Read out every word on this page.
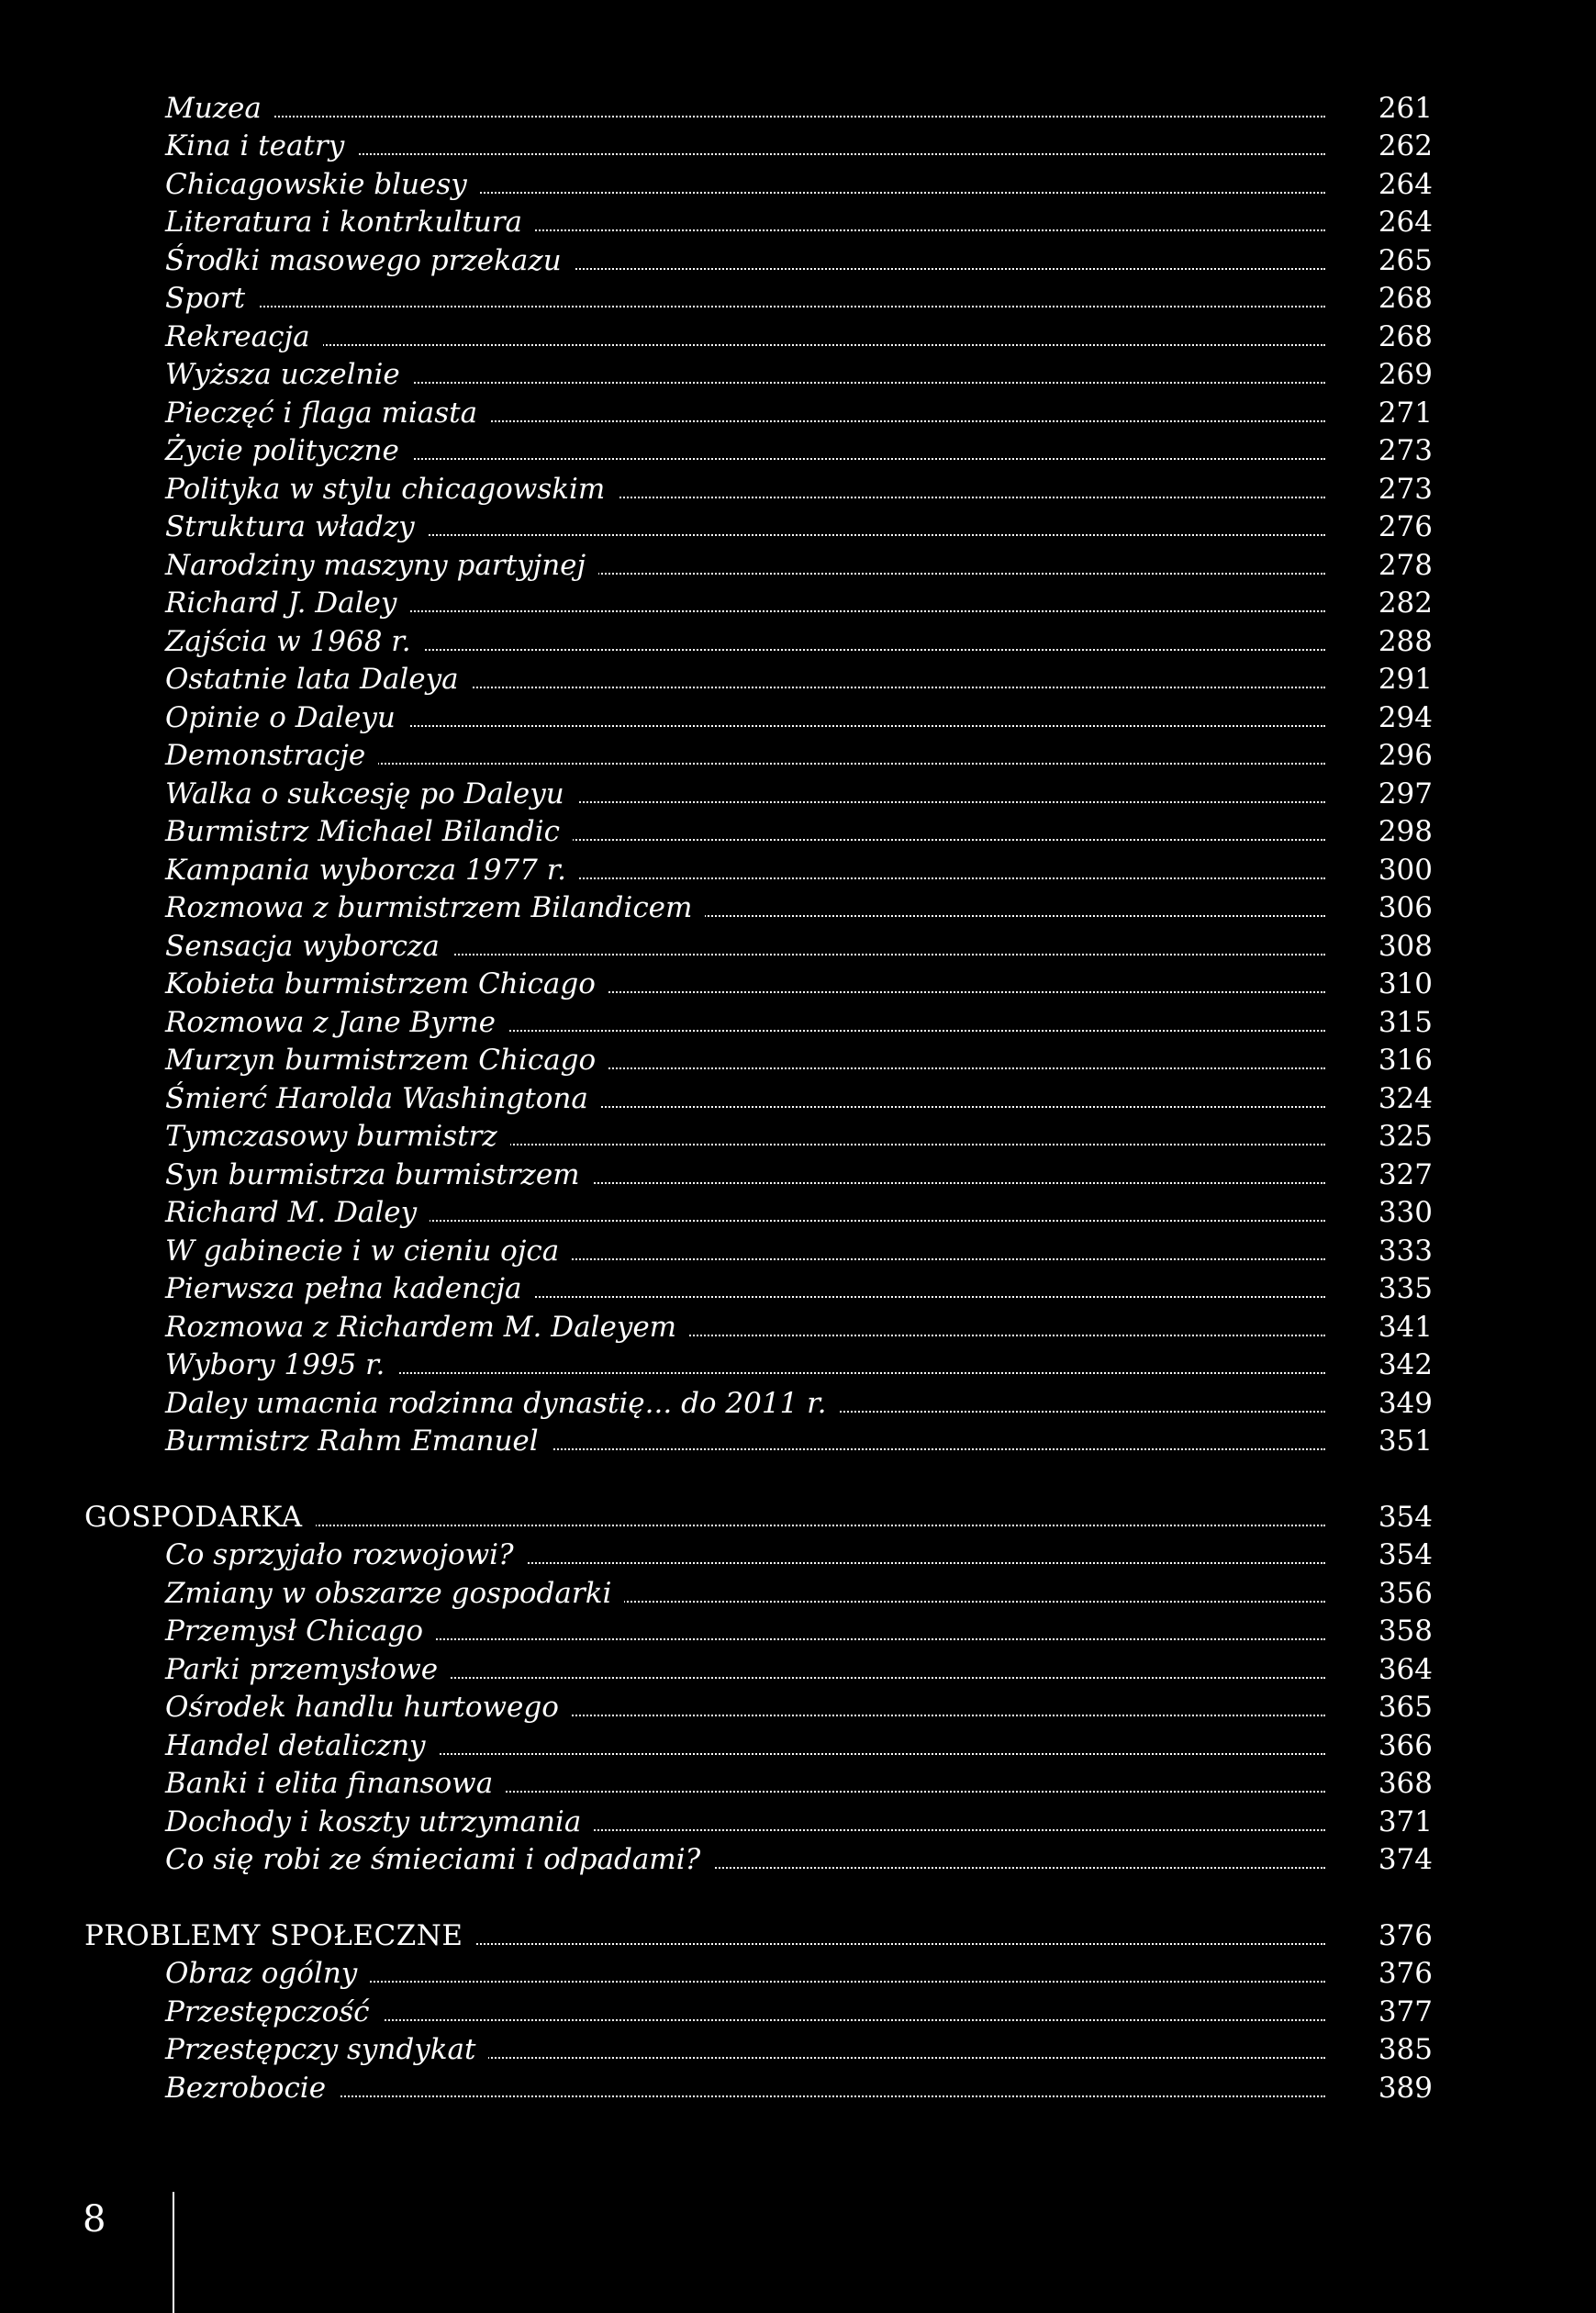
Muzea	261
Kina i teatry	262
Chicagowskie bluesy	264
Literatura i kontrkultura	264
Środki masowego przekazu	265
Sport	268
Rekreacja	268
Wyższa uczelnie	269
Pieczęć i flaga miasta	271
Życie polityczne	273
Polityka w stylu chicagowskim	273
Struktura władzy	276
Narodziny maszyny partyjnej	278
Richard J. Daley	282
Zajścia w 1968 r.	288
Ostatnie lata Daleya	291
Opinie o Daleyu	294
Demonstracje	296
Walka o sukcesję po Daleyu	297
Burmistrz Michael Bilandic	298
Kampania wyborcza 1977 r.	300
Rozmowa z burmistrzem Bilandicem	306
Sensacja wyborcza	308
Kobieta burmistrzem Chicago	310
Rozmowa z Jane Byrne	315
Murzyn burmistrzem Chicago	316
Śmierć Harolda Washingtona	324
Tymczasowy burmistrz	325
Syn burmistrza burmistrzem	327
Richard M. Daley	330
W gabinecie i w cieniu ojca	333
Pierwsza pełna kadencja	335
Rozmowa z Richardem M. Daleyem	341
Wybory 1995 r.	342
Daley umacnia rodzinna dynastię... do 2011 r.	349
Burmistrz Rahm Emanuel	351
GOSPODARKA	354
Co sprzyjało rozwojowi?	354
Zmiany w obszarze gospodarki	356
Przemysł Chicago	358
Parki przemysłowe	364
Ośrodek handlu hurtowego	365
Handel detaliczny	366
Banki i elita finansowa	368
Dochody i koszty utrzymania	371
Co się robi ze śmieciami i odpadami?	374
PROBLEMY SPOŁECZNE	376
Obraz ogólny	376
Przestępczość	377
Przestępczy syndykat	385
Bezrobocie	389
8
